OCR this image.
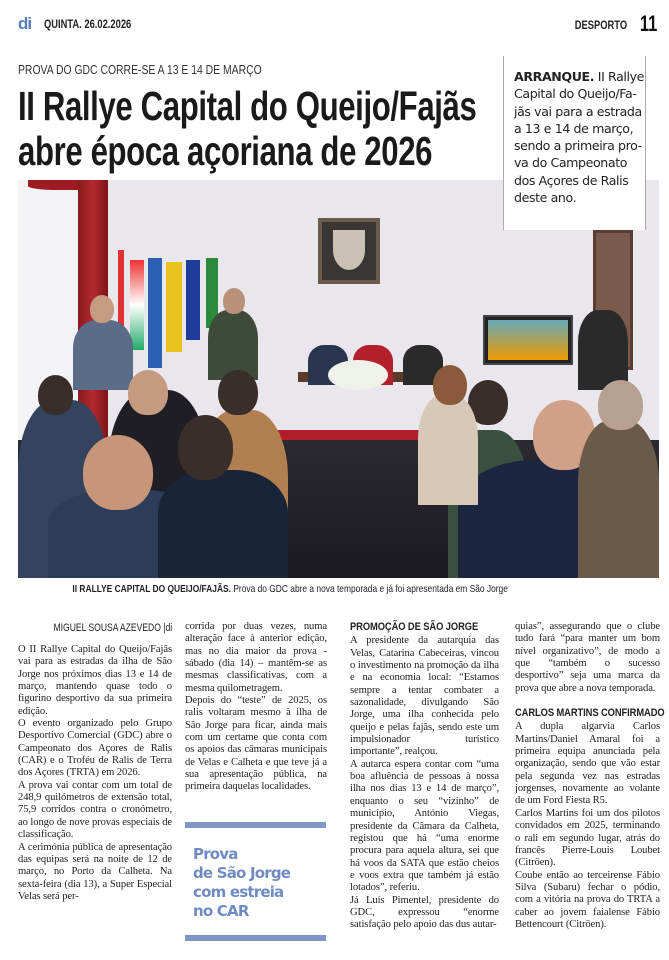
di QUINTA. 26.02.2026	DESPORTO 11
PROVA DO GDC CORRE-SE A 13 E 14 DE MARÇO
II Rallye Capital do Queijo/Fajãs
abre época açoriana de 2026
ARRANQUE. II Rallye Capital do Queijo/Fa-jãs vai para a estrada a 13 e 14 de março, sendo a primeira pro-va do Campeonato dos Açores de Ralis deste ano.
II RALLYE CAPITAL DO QUEIJO/FAJÃS. Prova do GDC abre a nova temporada e já foi apresentada em São Jorge
MIGUEL SOUSA AZEVEDO |di

O II Rallye Capital do Queijo/Fajãs vai para as estradas da ilha de São Jorge nos próximos dias 13 e 14 de março, mantendo quase todo o figurino desportivo da sua primeira edição.

O evento organizado pelo Grupo Desportivo Comercial (GDC) abre o Campeonato dos Açores de Ralis (CAR) e o Troféu de Ralis de Terra dos Açores (TRTA) em 2026.

A prova vai contar com um total de 248,9 quilómetros de extensão total, 75,9 corridos contra o cronómetro, ao longo de nove provas especiais de classificação.

A cerimónia pública de apresentação das equipas será na noite de 12 de março, no Porto da Calheta. Na sexta-feira (dia 13), a Super Especial Velas será per-

corrida por duas vezes, numa alteração face à anterior edição, mas no dia maior da prova - sábado (dia 14) – mantêm-se as mesmas classificativas, com a mesma quilometragem.

Depois do “teste” de 2025, os ralis voltaram mesmo à ilha de São Jorge para ficar, ainda mais com um certame que conta com os apoios das câmaras municipais de Velas e Calheta e que teve já a sua apresentação pública, na primeira daquelas localidades.

Prova
de São Jorge
com estreia
no CAR
PROMOÇÃO DE SÃO JORGE

A presidente da autarquia das Velas, Catarina Cabeceiras, vincou o investimento na promoção da ilha e na economia local: “Estamos sempre a tentar combater a sazonalidade, divulgando São Jorge, uma ilha conhecida pelo queijo e pelas fajãs, sendo este um impulsionador turístico importante”, realçou.

A autarca espera contar com “uma boa afluência de pessoas à nossa ilha nos dias 13 e 14 de março”, enquanto o seu “vizinho” de município, António Viegas, presidente da Câmara da Calheta, registou que há “uma enorme procura para aquela altura, sei que há voos da SATA que estão cheios e voos extra que também já estão lotados”, referiu.

Já Luís Pimentel, presidente do GDC, expressou “enorme satisfação pelo apoio das dus autar-

quias”, assegurando que o clube tudo fará “para manter um bom nível organizativo”, de modo a que “também o sucesso desportivo” seja uma marca da prova que abre a nova temporada.

CARLOS MARTINS CONFIRMADO

A dupla algarvia Carlos Martins/Daniel Amaral foi a primeira equipa anunciada pela organização, sendo que vão estar pela segunda vez nas estradas jorgenses, novamente ao volante de um Ford Fiesta R5.

Carlos Martins foi um dos pilotos convidados em 2025, terminando o rali em segundo lugar, atrás do francês Pierre-Louis Loubet (Citröen).

Coube então ao terceirense Fábio Silva (Subaru) fechar o pódio, com a vitória na prova do TRTA a caber ao jovem faialense Fábio Bettencourt (Citröen).
